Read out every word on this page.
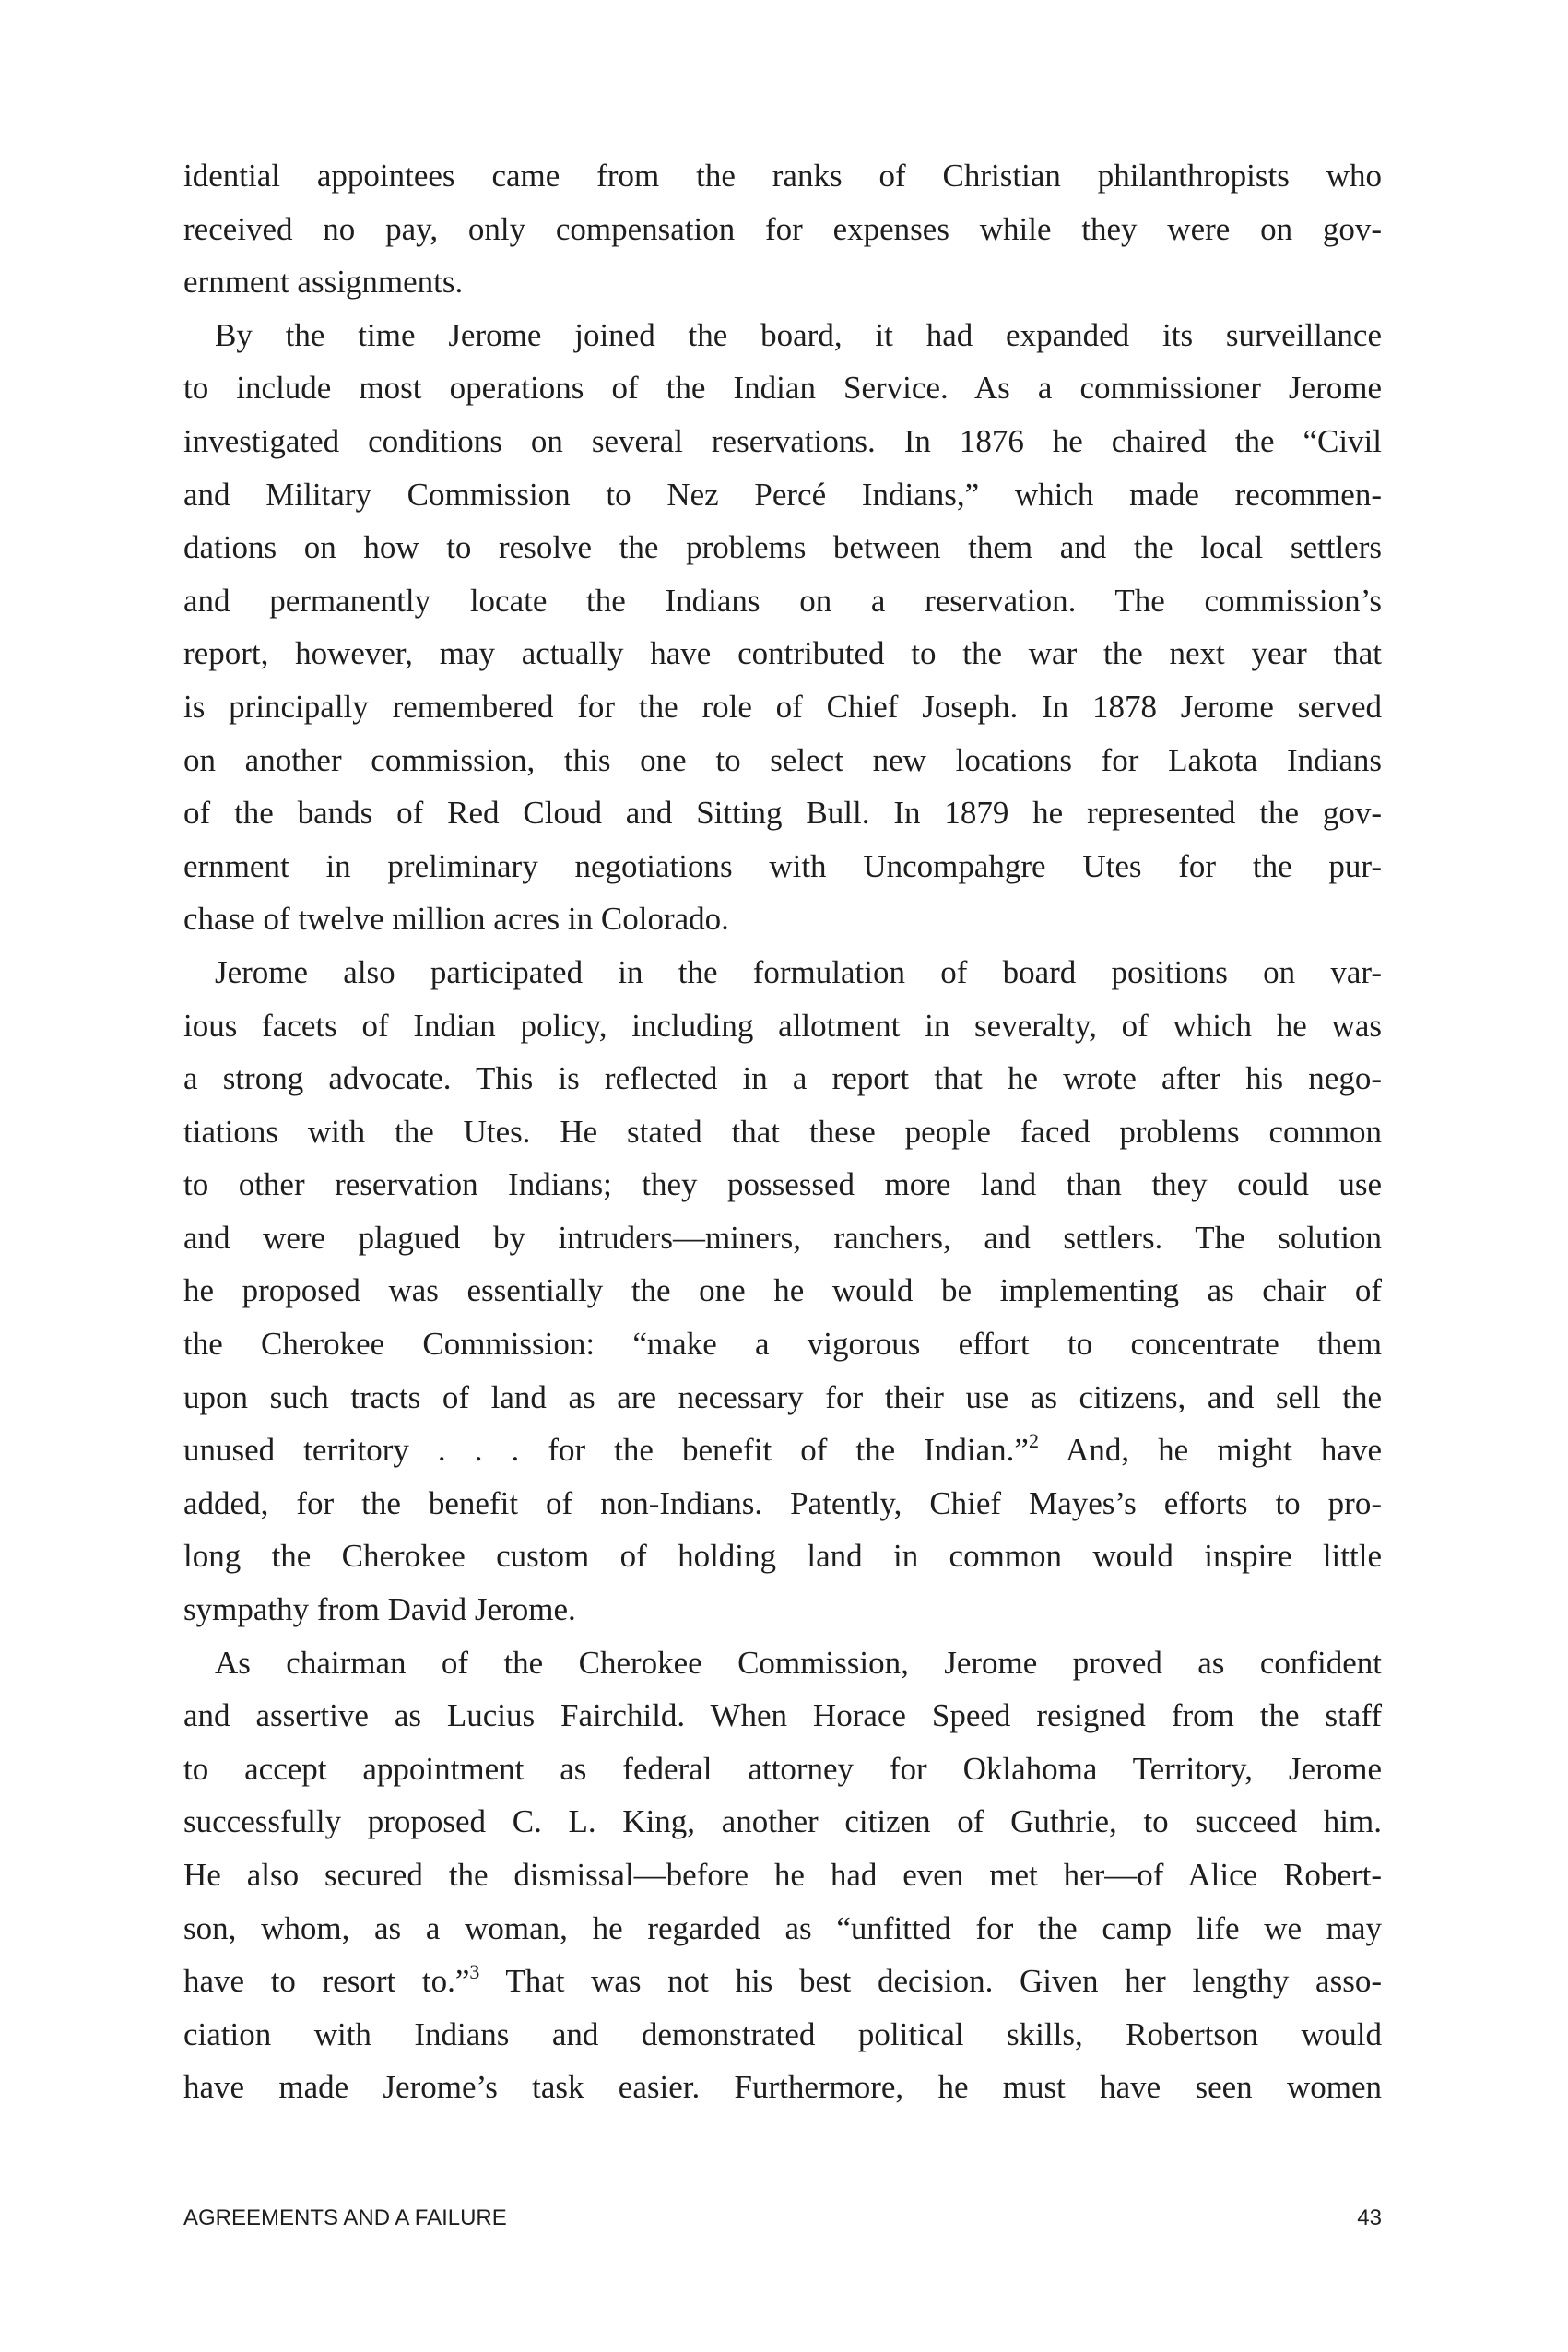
idential appointees came from the ranks of Christian philanthropists who
received no pay, only compensation for expenses while they were on gov-
ernment assignments.
By the time Jerome joined the board, it had expanded its surveillance
to include most operations of the Indian Service. As a commissioner Jerome
investigated conditions on several reservations. In 1876 he chaired the “Civil
and Military Commission to Nez Percé Indians,” which made recommen-
dations on how to resolve the problems between them and the local settlers
and permanently locate the Indians on a reservation. The commission’s
report, however, may actually have contributed to the war the next year that
is principally remembered for the role of Chief Joseph. In 1878 Jerome served
on another commission, this one to select new locations for Lakota Indians
of the bands of Red Cloud and Sitting Bull. In 1879 he represented the gov-
ernment in preliminary negotiations with Uncompahgre Utes for the pur-
chase of twelve million acres in Colorado.
Jerome also participated in the formulation of board positions on var-
ious facets of Indian policy, including allotment in severalty, of which he was
a strong advocate. This is reflected in a report that he wrote after his nego-
tiations with the Utes. He stated that these people faced problems common
to other reservation Indians; they possessed more land than they could use
and were plagued by intruders—miners, ranchers, and settlers. The solution
he proposed was essentially the one he would be implementing as chair of
the Cherokee Commission: “make a vigorous effort to concentrate them
upon such tracts of land as are necessary for their use as citizens, and sell the
unused territory . . . for the benefit of the Indian.”$^2$ And, he might have
added, for the benefit of non-Indians. Patently, Chief Mayes’s efforts to pro-
long the Cherokee custom of holding land in common would inspire little
sympathy from David Jerome.
As chairman of the Cherokee Commission, Jerome proved as confident
and assertive as Lucius Fairchild. When Horace Speed resigned from the staff
to accept appointment as federal attorney for Oklahoma Territory, Jerome
successfully proposed C. L. King, another citizen of Guthrie, to succeed him.
He also secured the dismissal—before he had even met her—of Alice Robert-
son, whom, as a woman, he regarded as “unfitted for the camp life we may
have to resort to.”$^3$ That was not his best decision. Given her lengthy asso-
ciation with Indians and demonstrated political skills, Robertson would
have made Jerome’s task easier. Furthermore, he must have seen women
AGREEMENTS AND A FAILURE	43
